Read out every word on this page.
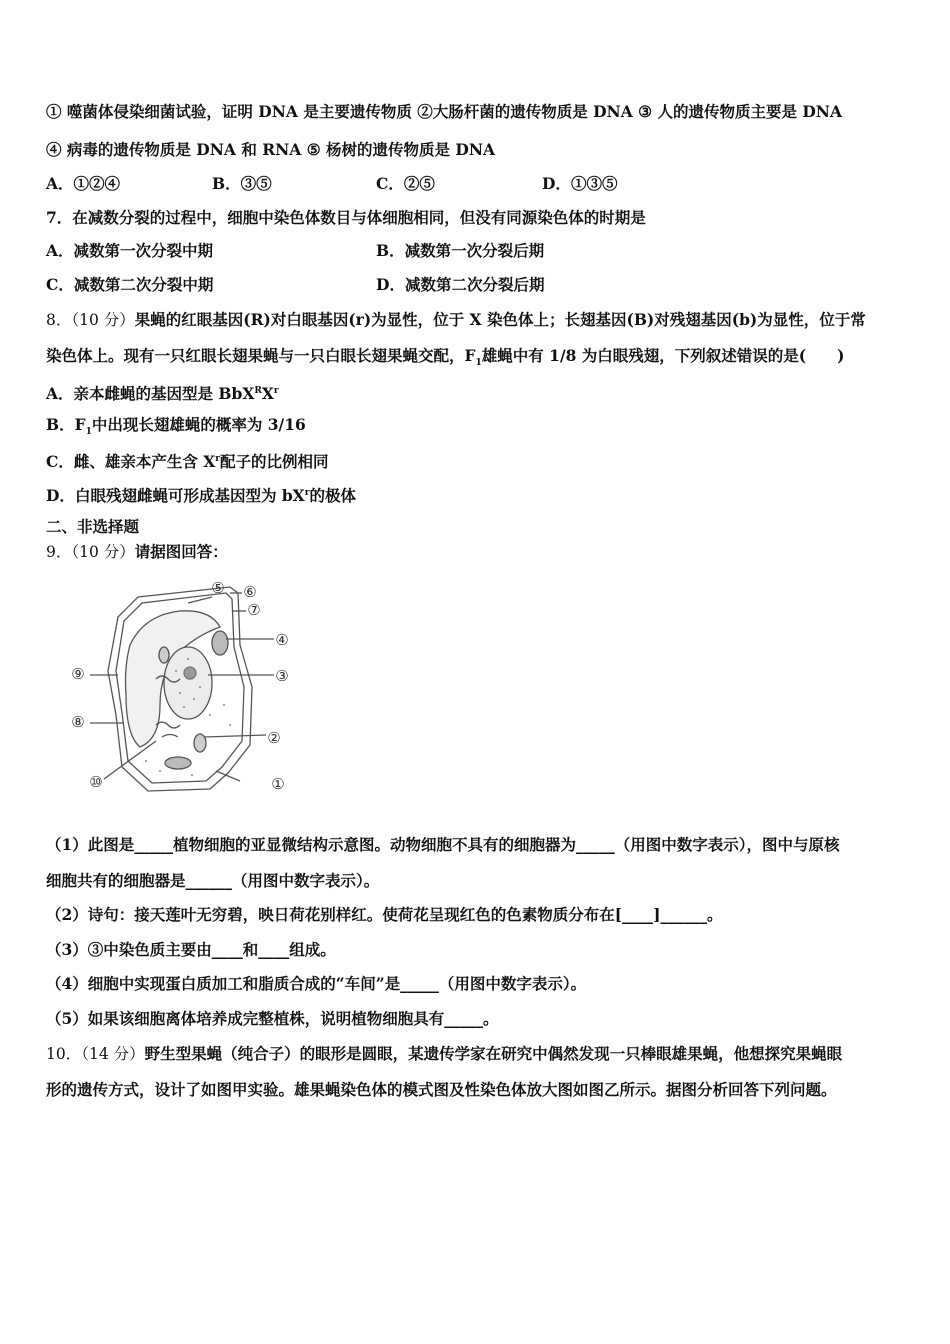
① 噬菌体侵染细菌试验，证明 DNA 是主要遗传物质 ②大肠杆菌的遗传物质是 DNA ③ 人的遗传物质主要是 DNA
④ 病毒的遗传物质是 DNA 和 RNA ⑤ 杨树的遗传物质是 DNA
A．①②④	B．③⑤	C．②⑤	D．①③⑤
7．在减数分裂的过程中，细胞中染色体数目与体细胞相同，但没有同源染色体的时期是
A．减数第一次分裂中期	B．减数第一次分裂后期
C．减数第二次分裂中期	D．减数第二次分裂后期
8．（10 分）果蝇的红眼基因(R)对白眼基因(r)为显性，位于 X 染色体上；长翅基因(B)对残翅基因(b)为显性，位于常
染色体上。现有一只红眼长翅果蝇与一只白眼长翅果蝇交配，$F_1$雄蝇中有 1/8 为白眼残翅，下列叙述错误的是(　　)
A．亲本雌蝇的基因型是 $BbX^RX^r$
B．$F_1$中出现长翅雄蝇的概率为 3/16
C．雌、雄亲本产生含 $X^r$配子的比例相同
D．白眼残翅雌蝇可形成基因型为 $bX^r$的极体
二、非选择题
9．（10 分）请据图回答：
①
②
③
④
⑤ ⑥
⑦
⑧
⑨
⑩
（1）此图是_____植物细胞的亚显微结构示意图。动物细胞不具有的细胞器为_____（用图中数字表示），图中与原核
细胞共有的细胞器是______（用图中数字表示）。
（2）诗句：接天莲叶无穷碧，映日荷花别样红。使荷花呈现红色的色素物质分布在[____]______。
（3）③中染色质主要由____和____组成。
（4）细胞中实现蛋白质加工和脂质合成的“车间”是_____（用图中数字表示）。
（5）如果该细胞离体培养成完整植株，说明植物细胞具有_____。
10．（14 分）野生型果蝇（纯合子）的眼形是圆眼，某遗传学家在研究中偶然发现一只棒眼雄果蝇，他想探究果蝇眼
形的遗传方式，设计了如图甲实验。雄果蝇染色体的模式图及性染色体放大图如图乙所示。据图分析回答下列问题。
